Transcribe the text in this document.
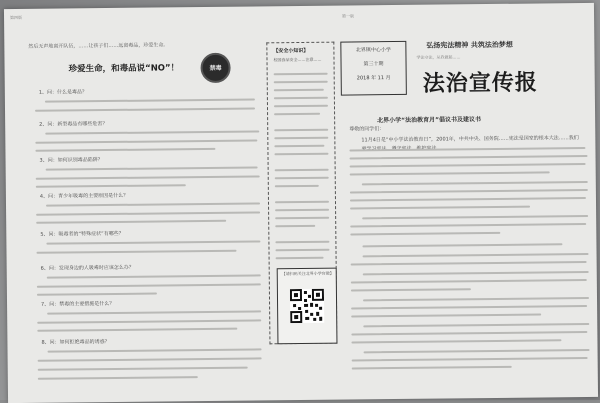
第四版	第一版
然后无声地离开队伍，……让孩子们……远离毒品，珍爱生命。
珍爱生命，和毒品说“NO”！	禁毒
1、问：什么是毒品？
2、问：新型毒品有哪些危害？
3、问：如何识别毒品陷阱？
4、问：青少年吸毒的主要原因是什么？
5、问：吸毒者的“特殊症状”有哪些？
6、问：发现身边的人吸毒时应该怎么办？
7、问：禁毒的主要措施是什么？
8、问：如何拒绝毒品的诱惑？
【安全小知识】
校园食品安全……注意……
【请扫码关注北界小学官微】
北界镇中心小学
第三十期
2018 年 11 月
弘扬宪法精神 共筑法治梦想
学法守法，从我做起……
法治宣传报
北界小学“法治教育月”倡议书及建议书
尊敬的同学们：
11月4日是“中小学法治教育日”，2001年，中共中央、国务院……宪法是国家的根本大法……我们要学习宪法、遵守宪法、维护宪法……
